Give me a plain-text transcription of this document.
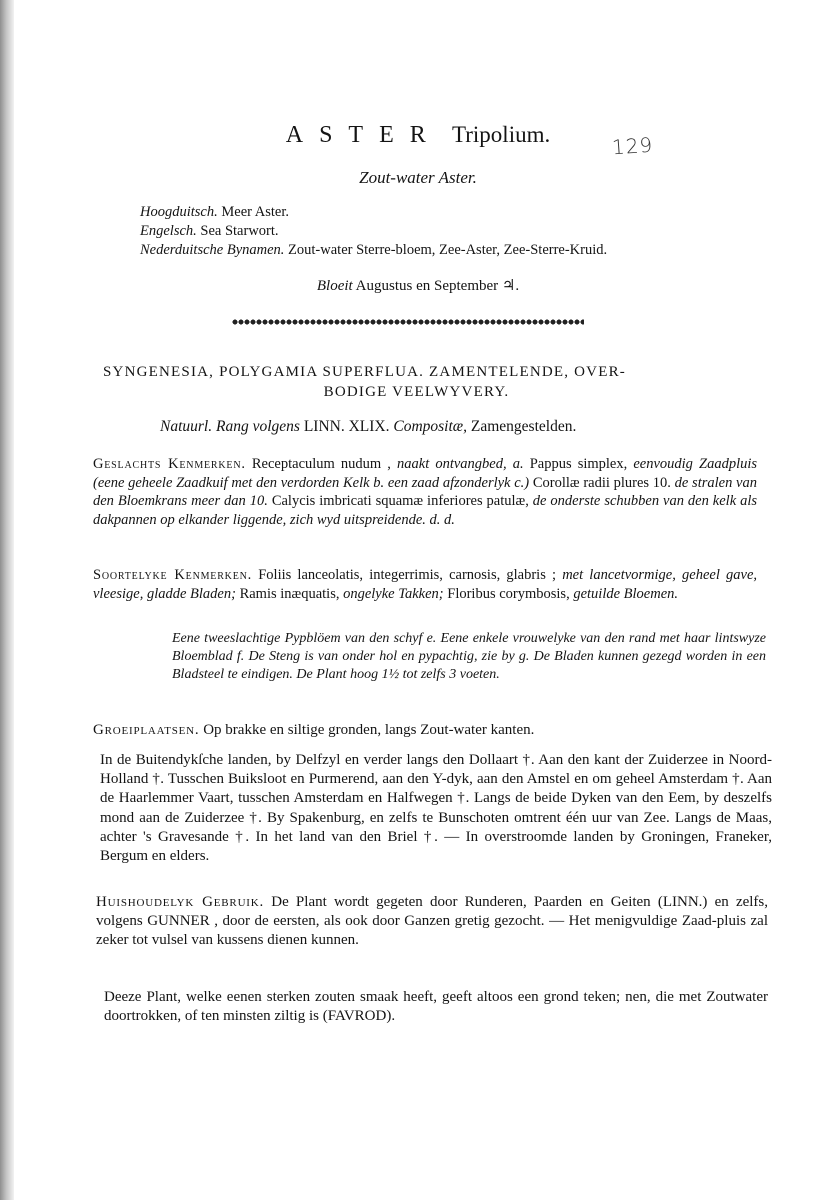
ASTER Tripolium.	129
Zout-water Aster.
Hoogduitsch. Meer Aster.
Engelsch. Sea Starwort.
Nederduitsche Bynamen. Zout-water Sterre-bloem, Zee-Aster, Zee-Sterre-Kruid.
Bloeit Augustus en September ♃.
SYNGENESIA, POLYGAMIA SUPERFLUA. ZAMENTELENDE, OVER-
BODIGE VEELWYVERY.
Natuurl. Rang volgens LINN. XLIX. Compositæ, Zamengestelden.
Geslachts Kenmerken. Receptaculum nudum , naakt ontvangbed, a. Pappus simplex, eenvoudig Zaadpluis (eene geheele Zaadkuif met den verdorden Kelk b. een zaad afzonderlyk c.) Corollæ radii plures 10. de stralen van den Bloemkrans meer dan 10. Calycis imbricati squamæ inferiores patulæ, de onderste schubben van den kelk als dakpannen op elkander liggende, zich wyd uitspreidende. d. d.
Soortelyke Kenmerken. Foliis lanceolatis, integerrimis, carnosis, glabris ; met lancetvormige, geheel gave, vleesige, gladde Bladen; Ramis inæquatis, ongelyke Takken; Floribus corymbosis, getuilde Bloemen.
Eene tweeslachtige Pypblöem van den schyf e. Eene enkele vrouwelyke van den rand met haar lintswyze Bloemblad f. De Steng is van onder hol en pypachtig, zie by g. De Bladen kunnen gezegd worden in een Bladsteel te eindigen. De Plant hoog 1½ tot zelfs 3 voeten.
Groeiplaatsen. Op brakke en siltige gronden, langs Zout-water kanten.
In de Buitendykſche landen, by Delfzyl en verder langs den Dollaart †. Aan den kant der Zuiderzee in Noord-Holland †. Tusschen Buiksloot en Purmerend, aan den Y-dyk, aan den Amstel en om geheel Amsterdam †. Aan de Haarlemmer Vaart, tusschen Amsterdam en Halfwegen †. Langs de beide Dyken van den Eem, by deszelfs mond aan de Zuiderzee †. By Spakenburg, en zelfs te Bunschoten omtrent één uur van Zee. Langs de Maas, achter 's Gravesande †. In het land van den Briel †. — In overstroomde landen by Groningen, Franeker, Bergum en elders.
Huishoudelyk Gebruik. De Plant wordt gegeten door Runderen, Paarden en Geiten (LINN.) en zelfs, volgens GUNNER , door de eersten, als ook door Ganzen gretig gezocht. — Het menigvuldige Zaad-pluis zal zeker tot vulsel van kussens dienen kunnen.
Deeze Plant, welke eenen sterken zouten smaak heeft, geeft altoos een grond teken; nen, die met Zoutwater doortrokken, of ten minsten ziltig is (FAVROD).
